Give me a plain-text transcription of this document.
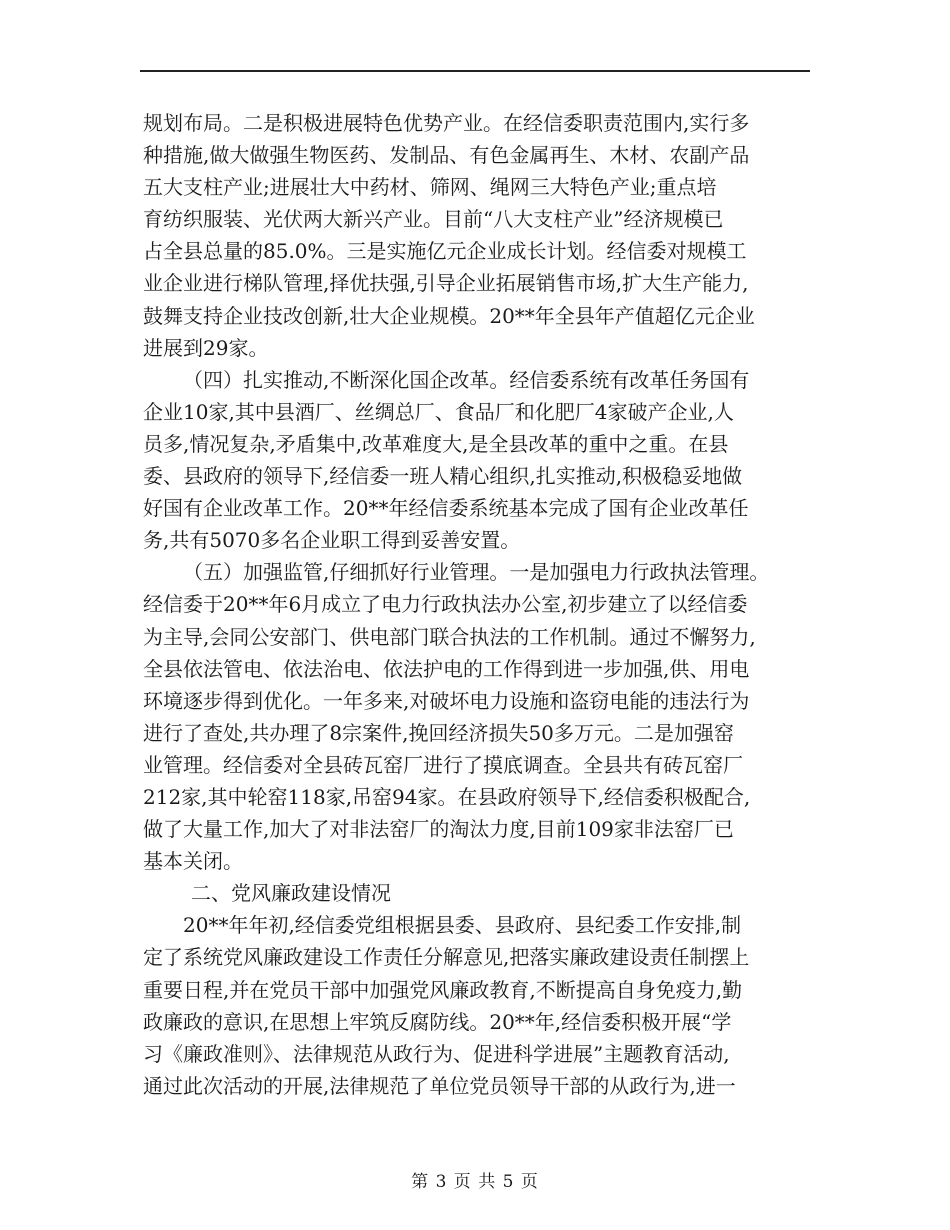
规划布局。二是积极进展特色优势产业。在经信委职责范围内,实行多
种措施,做大做强生物医药、发制品、有色金属再生、木材、农副产品
五大支柱产业;进展壮大中药材、筛网、绳网三大特色产业;重点培
育纺织服装、光伏两大新兴产业。目前“八大支柱产业”经济规模已
占全县总量的85.0%。三是实施亿元企业成长计划。经信委对规模工
业企业进行梯队管理,择优扶强,引导企业拓展销售市场,扩大生产能力,
鼓舞支持企业技改创新,壮大企业规模。20**年全县年产值超亿元企业
进展到29家。
（四）扎实推动,不断深化国企改革。经信委系统有改革任务国有
企业10家,其中县酒厂、丝绸总厂、食品厂和化肥厂4家破产企业,人
员多,情况复杂,矛盾集中,改革难度大,是全县改革的重中之重。在县
委、县政府的领导下,经信委一班人精心组织,扎实推动,积极稳妥地做
好国有企业改革工作。20**年经信委系统基本完成了国有企业改革任
务,共有5070多名企业职工得到妥善安置。
（五）加强监管,仔细抓好行业管理。一是加强电力行政执法管理。
经信委于20**年6月成立了电力行政执法办公室,初步建立了以经信委
为主导,会同公安部门、供电部门联合执法的工作机制。通过不懈努力,
全县依法管电、依法治电、依法护电的工作得到进一步加强,供、用电
环境逐步得到优化。一年多来,对破坏电力设施和盗窃电能的违法行为
进行了查处,共办理了8宗案件,挽回经济损失50多万元。二是加强窑
业管理。经信委对全县砖瓦窑厂进行了摸底调查。全县共有砖瓦窑厂
212家,其中轮窑118家,吊窑94家。在县政府领导下,经信委积极配合,
做了大量工作,加大了对非法窑厂的淘汰力度,目前109家非法窑厂已
基本关闭。
二、党风廉政建设情况
20**年年初,经信委党组根据县委、县政府、县纪委工作安排,制
定了系统党风廉政建设工作责任分解意见,把落实廉政建设责任制摆上
重要日程,并在党员干部中加强党风廉政教育,不断提高自身免疫力,勤
政廉政的意识,在思想上牢筑反腐防线。20**年,经信委积极开展“学
习《廉政准则》、法律规范从政行为、促进科学进展”主题教育活动,
通过此次活动的开展,法律规范了单位党员领导干部的从政行为,进一
第 3 页 共 5 页
